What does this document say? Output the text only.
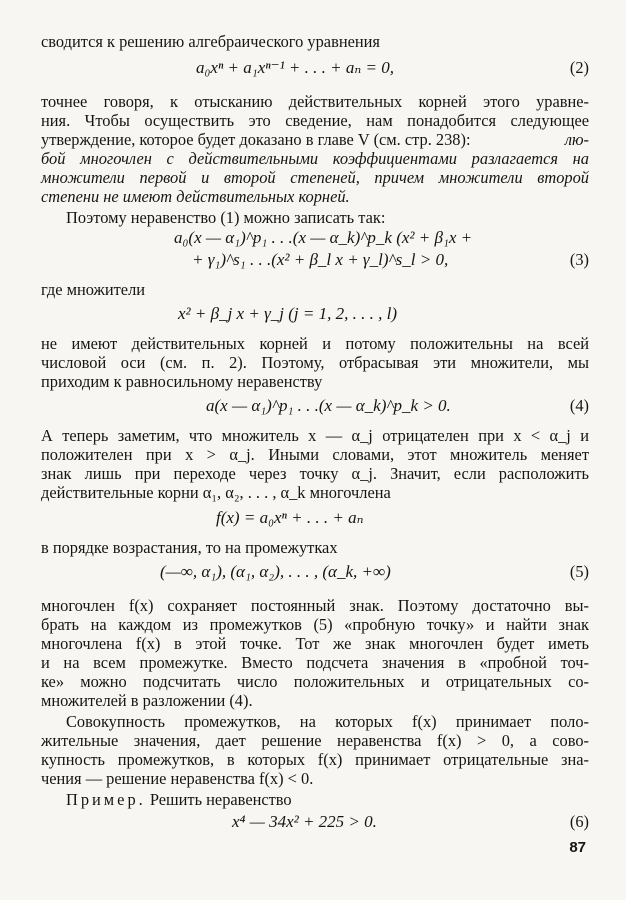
сводится к решению алгебраического уравнения

a₀xⁿ + a₁xⁿ⁻¹ + . . . + aₙ = 0,	(2)

точнее говоря, к отысканию действительных корней этого уравне-

ния. Чтобы осуществить это сведение, нам понадобится следующее

утверждение, которое будет доказано в главе V (см. стр. 238):	лю-

бой многочлен с действительными коэффициентами разлагается на

множители первой и второй степеней, причем множители второй

степени не имеют действительных корней.

Поэтому неравенство (1) можно записать так:

a₀(x — α₁)^p₁ . . .(x — α_k)^p_k (x² + β₁x +
+ γ₁)^s₁ . . .(x² + β_l x + γ_l)^s_l > 0,	(3)

где множители

x² + β_j x + γ_j (j = 1, 2, . . . , l)

не имеют действительных корней и потому положительны на всей

числовой оси (см. п. 2). Поэтому, отбрасывая эти множители, мы

приходим к равносильному неравенству

a(x — α₁)^p₁ . . .(x — α_k)^p_k > 0.	(4)

А теперь заметим, что множитель x — α_j отрицателен при x < α_j и

положителен при x > α_j. Иными словами, этот множитель меняет

знак лишь при переходе через точку α_j. Значит, если расположить

действительные корни α₁, α₂, . . . , α_k многочлена

f(x) = a₀xⁿ + . . . + aₙ

в порядке возрастания, то на промежутках

(—∞, α₁), (α₁, α₂), . . . , (α_k, +∞)	(5)

многочлен f(x) сохраняет постоянный знак. Поэтому достаточно вы-

брать на каждом из промежутков (5) «пробную точку» и найти знак

многочлена f(x) в этой точке. Тот же знак многочлен будет иметь

и на всем промежутке. Вместо подсчета значения в «пробной точ-

ке» можно подсчитать число положительных и отрицательных со-

множителей в разложении (4).

Совокупность промежутков, на которых f(x) принимает поло-

жительные значения, дает решение неравенства f(x) > 0, а сово-

купность промежутков, в которых f(x) принимает отрицательные зна-

чения — решение неравенства f(x) < 0.

Пример. Решить неравенство

x⁴ — 34x² + 225 > 0.	(6)
87
